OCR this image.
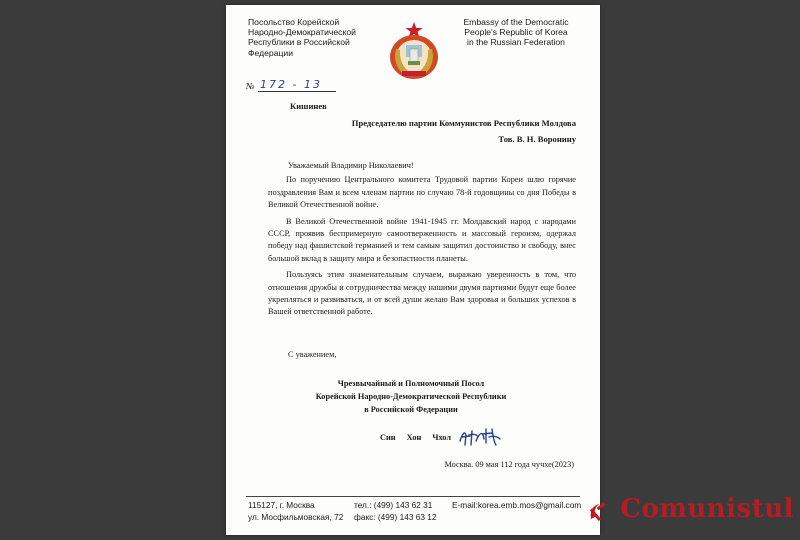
Посольство Корейской
Народно-Демократической
Республики в Российской
Федерации
Embassy of the Democratic
People's Republic of Korea
in the Russian Federation
№ 172 - 13
Кишинев
Председателю партии Коммунистов Республики Молдова
Тов. В. Н. Воронину

Уважаемый Владимир Николаевич!

По поручению Центрального комитета Трудовой партии Кореи шлю горячие поздравления Вам и всем членам партии по случаю 78-й годовщины со дня Победы в Великой Отечественной войне.

В Великой Отечественной войне 1941-1945 гг. Молдавский народ с народами СССР, проявив беспримерную самоотверженность и массовый героизм, одержал победу над фашистской германией и тем самым защитил достоинство и свободу, внес большой вклад в защиту мира и безопастности планеты.

Пользуясь этим знаменательным случаем, выражаю уверенность в том, что отношения дружбы и сотрудничества между нашими двумя партиями будут еще более укрепляться и развиваться, и от всей души желаю Вам здоровья и больших успехов в Вашей ответственной работе.

С уважением,
Чрезвычайный и Полномочный Посол
Корейской Народно-Демократической Республики
в Российской Федерации
Син Хон Чхол
Москва. 09 мая 112 года чучхе(2023)
115127, г. Москва
ул. Мосфильмовская, 72
тел.: (499) 143 62 31
факс: (499) 143 63 12
E-mail:korea.emb.mos@gmail.com Comunistul
